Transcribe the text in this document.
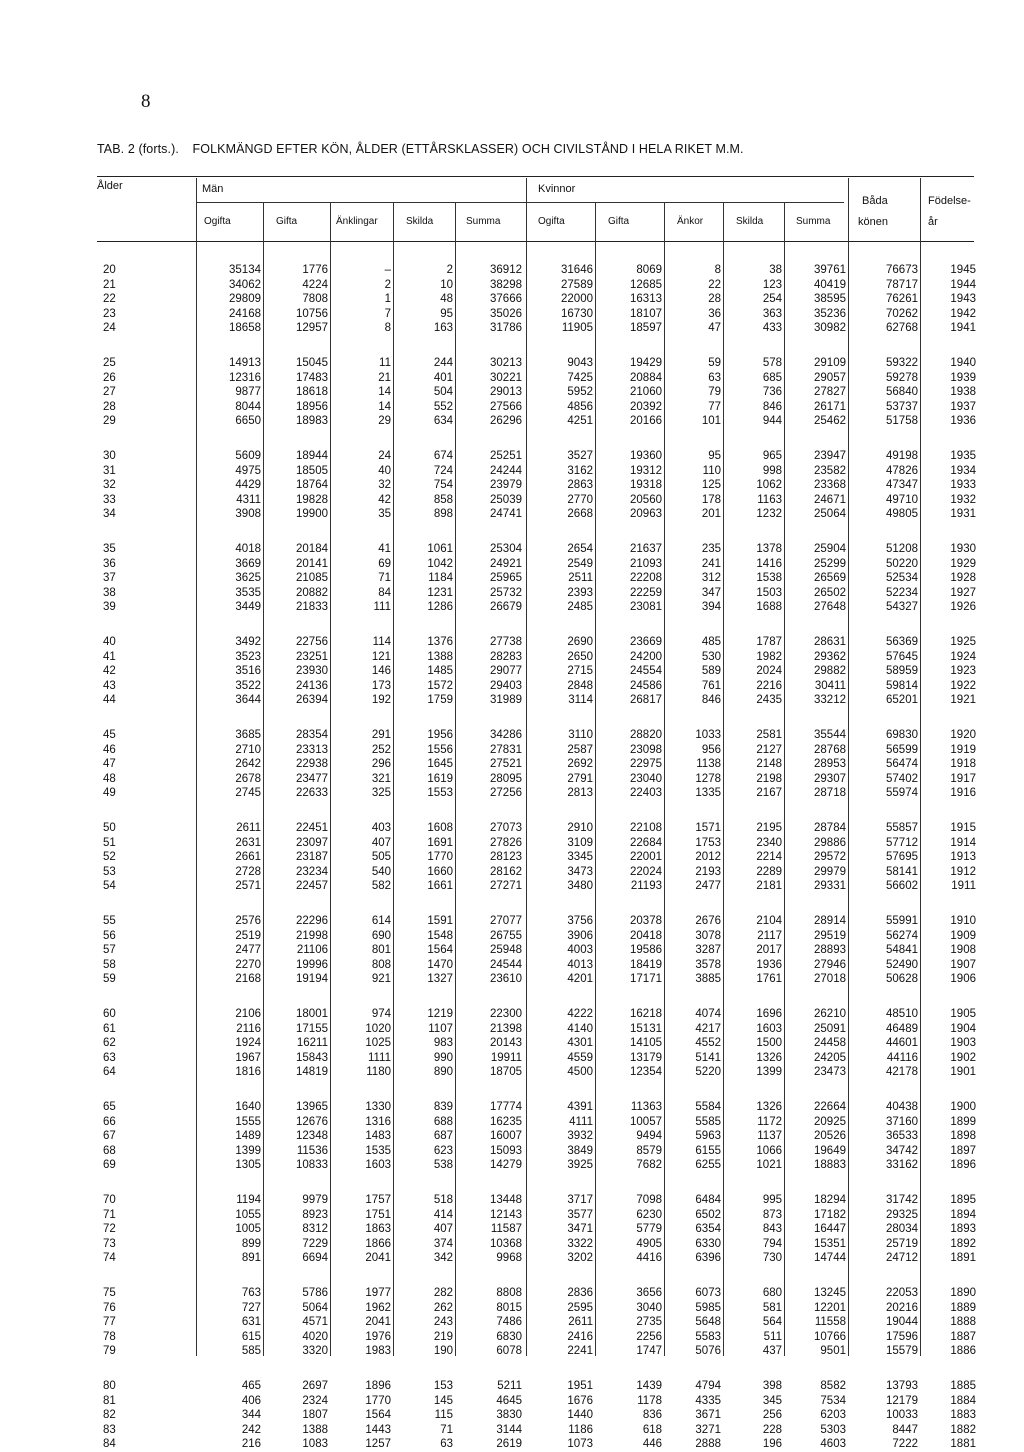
8
TAB. 2 (forts.). FOLKMÄNGD EFTER KÖN, ÅLDER (ETTÅRSKLASSER) OCH CIVILSTÅND I HELA RIKET M.M.
Ålder	Män	Kvinnor
Båda
könen
Födelse-
år
Ogifta	Gifta	Änklingar	Skilda	Summa	Ogifta	Gifta	Änkor	Skilda	Summa
20	35134	1776	–	2	36912	31646	8069	8	38	39761	76673	1945
21	34062	4224	2	10	38298	27589	12685	22	123	40419	78717	1944
22	29809	7808	1	48	37666	22000	16313	28	254	38595	76261	1943
23	24168	10756	7	95	35026	16730	18107	36	363	35236	70262	1942
24	18658	12957	8	163	31786	11905	18597	47	433	30982	62768	1941
25	14913	15045	11	244	30213	9043	19429	59	578	29109	59322	1940
26	12316	17483	21	401	30221	7425	20884	63	685	29057	59278	1939
27	9877	18618	14	504	29013	5952	21060	79	736	27827	56840	1938
28	8044	18956	14	552	27566	4856	20392	77	846	26171	53737	1937
29	6650	18983	29	634	26296	4251	20166	101	944	25462	51758	1936
30	5609	18944	24	674	25251	3527	19360	95	965	23947	49198	1935
31	4975	18505	40	724	24244	3162	19312	110	998	23582	47826	1934
32	4429	18764	32	754	23979	2863	19318	125	1062	23368	47347	1933
33	4311	19828	42	858	25039	2770	20560	178	1163	24671	49710	1932
34	3908	19900	35	898	24741	2668	20963	201	1232	25064	49805	1931
35	4018	20184	41	1061	25304	2654	21637	235	1378	25904	51208	1930
36	3669	20141	69	1042	24921	2549	21093	241	1416	25299	50220	1929
37	3625	21085	71	1184	25965	2511	22208	312	1538	26569	52534	1928
38	3535	20882	84	1231	25732	2393	22259	347	1503	26502	52234	1927
39	3449	21833	111	1286	26679	2485	23081	394	1688	27648	54327	1926
40	3492	22756	114	1376	27738	2690	23669	485	1787	28631	56369	1925
41	3523	23251	121	1388	28283	2650	24200	530	1982	29362	57645	1924
42	3516	23930	146	1485	29077	2715	24554	589	2024	29882	58959	1923
43	3522	24136	173	1572	29403	2848	24586	761	2216	30411	59814	1922
44	3644	26394	192	1759	31989	3114	26817	846	2435	33212	65201	1921
45	3685	28354	291	1956	34286	3110	28820	1033	2581	35544	69830	1920
46	2710	23313	252	1556	27831	2587	23098	956	2127	28768	56599	1919
47	2642	22938	296	1645	27521	2692	22975	1138	2148	28953	56474	1918
48	2678	23477	321	1619	28095	2791	23040	1278	2198	29307	57402	1917
49	2745	22633	325	1553	27256	2813	22403	1335	2167	28718	55974	1916
50	2611	22451	403	1608	27073	2910	22108	1571	2195	28784	55857	1915
51	2631	23097	407	1691	27826	3109	22684	1753	2340	29886	57712	1914
52	2661	23187	505	1770	28123	3345	22001	2012	2214	29572	57695	1913
53	2728	23234	540	1660	28162	3473	22024	2193	2289	29979	58141	1912
54	2571	22457	582	1661	27271	3480	21193	2477	2181	29331	56602	1911
55	2576	22296	614	1591	27077	3756	20378	2676	2104	28914	55991	1910
56	2519	21998	690	1548	26755	3906	20418	3078	2117	29519	56274	1909
57	2477	21106	801	1564	25948	4003	19586	3287	2017	28893	54841	1908
58	2270	19996	808	1470	24544	4013	18419	3578	1936	27946	52490	1907
59	2168	19194	921	1327	23610	4201	17171	3885	1761	27018	50628	1906
60	2106	18001	974	1219	22300	4222	16218	4074	1696	26210	48510	1905
61	2116	17155	1020	1107	21398	4140	15131	4217	1603	25091	46489	1904
62	1924	16211	1025	983	20143	4301	14105	4552	1500	24458	44601	1903
63	1967	15843	1111	990	19911	4559	13179	5141	1326	24205	44116	1902
64	1816	14819	1180	890	18705	4500	12354	5220	1399	23473	42178	1901
65	1640	13965	1330	839	17774	4391	11363	5584	1326	22664	40438	1900
66	1555	12676	1316	688	16235	4111	10057	5585	1172	20925	37160	1899
67	1489	12348	1483	687	16007	3932	9494	5963	1137	20526	36533	1898
68	1399	11536	1535	623	15093	3849	8579	6155	1066	19649	34742	1897
69	1305	10833	1603	538	14279	3925	7682	6255	1021	18883	33162	1896
70	1194	9979	1757	518	13448	3717	7098	6484	995	18294	31742	1895
71	1055	8923	1751	414	12143	3577	6230	6502	873	17182	29325	1894
72	1005	8312	1863	407	11587	3471	5779	6354	843	16447	28034	1893
73	899	7229	1866	374	10368	3322	4905	6330	794	15351	25719	1892
74	891	6694	2041	342	9968	3202	4416	6396	730	14744	24712	1891
75	763	5786	1977	282	8808	2836	3656	6073	680	13245	22053	1890
76	727	5064	1962	262	8015	2595	3040	5985	581	12201	20216	1889
77	631	4571	2041	243	7486	2611	2735	5648	564	11558	19044	1888
78	615	4020	1976	219	6830	2416	2256	5583	511	10766	17596	1887
79	585	3320	1983	190	6078	2241	1747	5076	437	9501	15579	1886
80	465	2697	1896	153	5211	1951	1439	4794	398	8582	13793	1885
81	406	2324	1770	145	4645	1676	1178	4335	345	7534	12179	1884
82	344	1807	1564	115	3830	1440	836	3671	256	6203	10033	1883
83	242	1388	1443	71	3144	1186	618	3271	228	5303	8447	1882
84	216	1083	1257	63	2619	1073	446	2888	196	4603	7222	1881
